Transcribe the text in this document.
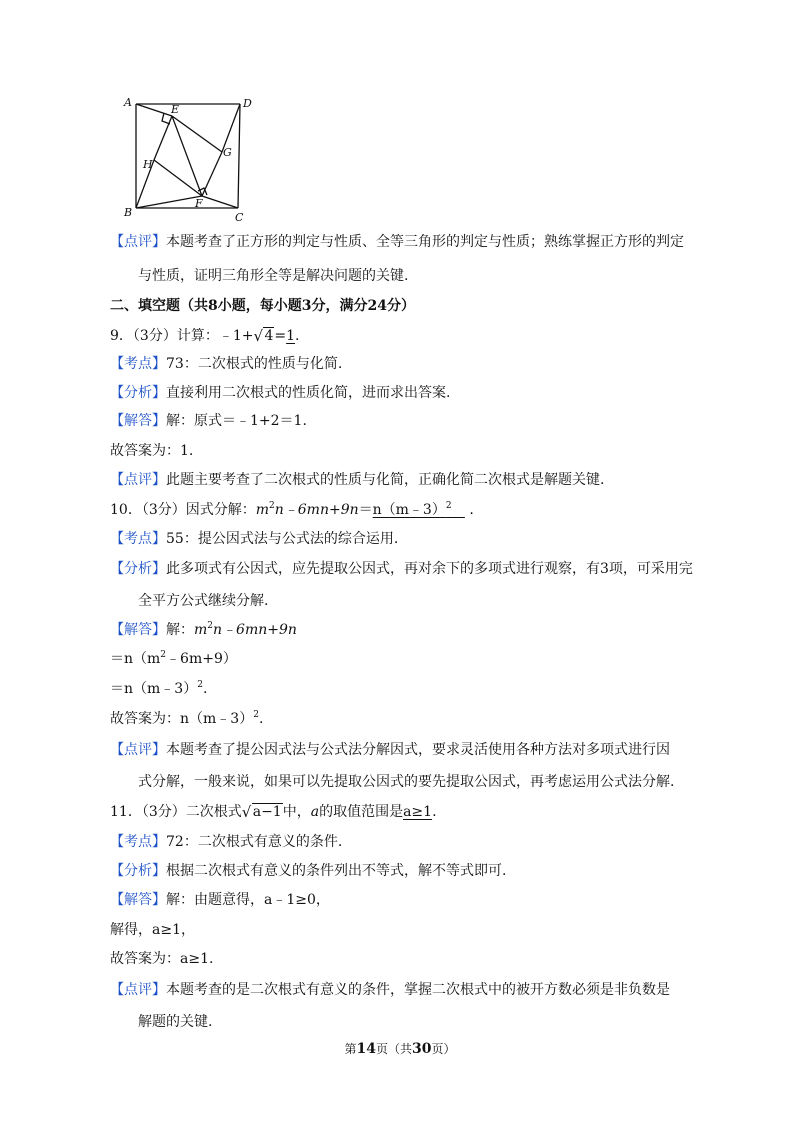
A
B	C
D
E
F
G
H
【点评】本题考查了正方形的判定与性质、全等三角形的判定与性质；熟练掌握正方形的判定
与性质，证明三角形全等是解决问题的关键.
二、填空题（共8小题，每小题3分，满分24分）
9．（3分）计算：﹣1+ √ 4=1.
【考点】73：二次根式的性质与化简.
【分析】直接利用二次根式的性质化简，进而求出答案.
【解答】解：原式＝﹣1+2＝1.
故答案为：1.
【点评】此题主要考查了二次根式的性质与化简，正确化简二次根式是解题关键.
10．（3分）因式分解：$m^2n﹣6mn+9n=n(m﹣3)^2$    .
【考点】55：提公因式法与公式法的综合运用.
【分析】此多项式有公因式，应先提取公因式，再对余下的多项式进行观察，有3项，可采用完
全平方公式继续分解.
【解答】解：$m^2n﹣6mn+9n$
$=n(m^2﹣6m+9)$
＝n（m﹣3）$^2$.
故答案为：n（m﹣3）$^2$.
【点评】本题考查了提公因式法与公式法分解因式，要求灵活使用各种方法对多项式进行因
式分解，一般来说，如果可以先提取公因式的要先提取公因式，再考虑运用公式法分解.
11．（3分）二次根式 √ a−1中，a的取值范围是a≥1.
【考点】72：二次根式有意义的条件.
【分析】根据二次根式有意义的条件列出不等式，解不等式即可.
【解答】解：由题意得，a﹣1≥0，
解得，a≥1，
故答案为：a≥1.
【点评】本题考查的是二次根式有意义的条件，掌握二次根式中的被开方数必须是非负数是
解题的关键.
第14页（共30页）
